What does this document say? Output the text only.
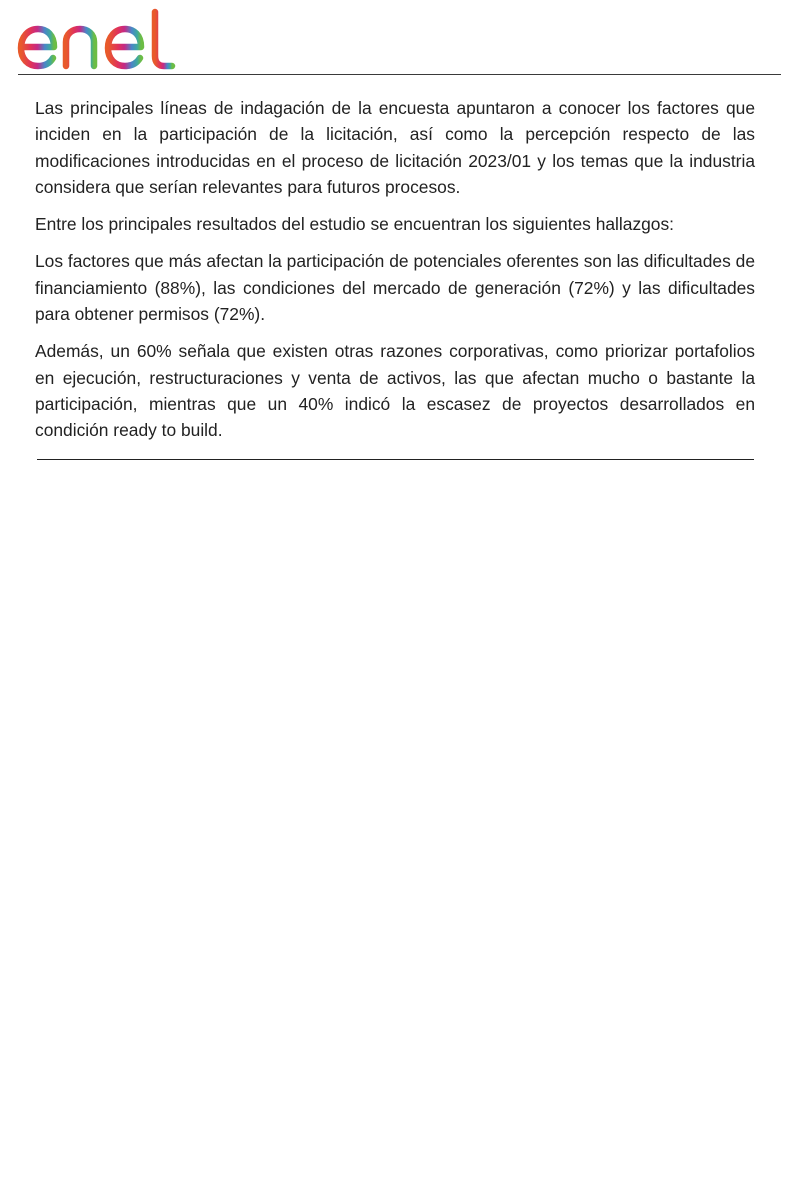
Las principales líneas de indagación de la encuesta apuntaron a conocer los factores que inciden en la participación de la licitación, así como la percepción respecto de las modificaciones introducidas en el proceso de licitación 2023/01 y los temas que la industria considera que serían relevantes para futuros procesos.

Entre los principales resultados del estudio se encuentran los siguientes hallazgos:

Los factores que más afectan la participación de potenciales oferentes son las dificultades de financiamiento (88%), las condiciones del mercado de generación (72%) y las dificultades para obtener permisos (72%).

Además, un 60% señala que existen otras razones corporativas, como priorizar portafolios en ejecución, restructuraciones y venta de activos, las que afectan mucho o bastante la participación, mientras que un 40% indicó la escasez de proyectos desarrollados en condición ready to build.
